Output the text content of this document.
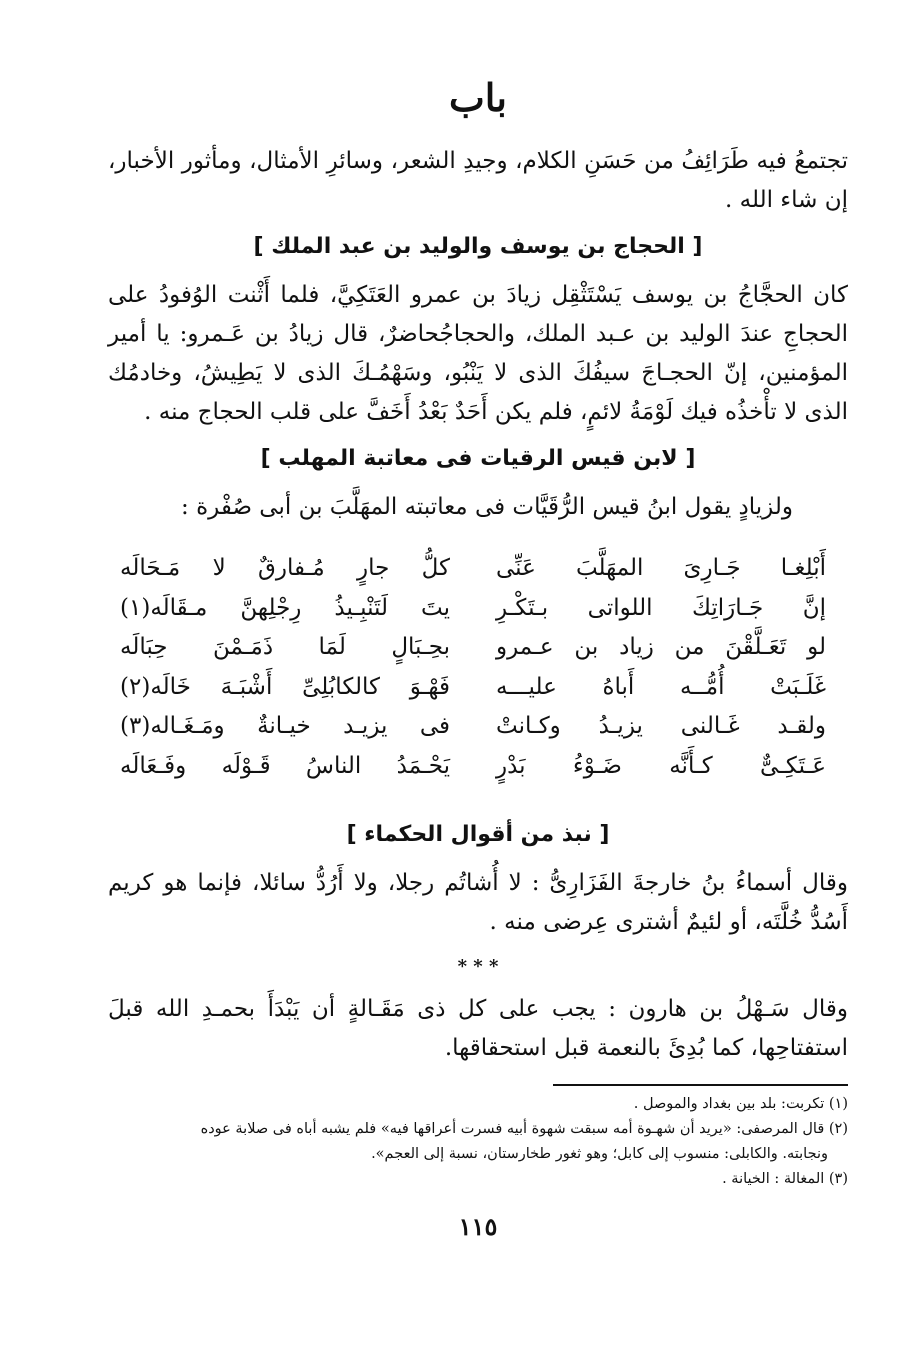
باب

تجتمعُ فيه طَرَائِفُ من حَسَنِ الكلام، وجيدِ الشعر، وسائرِ الأمثال، ومأثور الأخبار، إن شاء الله .

[ الحجاج بن يوسف والوليد بن عبد الملك ]

كان الحجَّاجُ بن يوسف يَسْتَثْقِل زيادَ بن عمرو العَتَكِيَّ، فلما أَثْنت الوُفودُ على الحجاجِ عندَ الوليد بن عـبد الملك، والحجاجُحاضرٌ، قال زيادُ بن عَـمرو: يا أمير المؤمنين، إنّ الحجـاجَ سيفُكَ الذى لا يَنْبُو، وسَهْمُـكَ الذى لا يَطِيشُ، وخادمُك الذى لا تأْخذُه فيك لَوْمَةُ لائمٍ، فلم يكن أَحَدٌ بَعْدُ أَخَفَّ على قلب الحجاج منه .

[ لابن قيس الرقيات فى معاتبة المهلب ]

ولزيادٍ يقول ابنُ قيس الرُّقَيَّات فى معاتبته المهَلَّبَ بن أبى صُفْرة :

أَبْلِغـا جَـارِىَ المهَلَّبَ عَنِّى
كلُّ جارٍ مُـفارقٌ لا مَـحَالَه
إنَّ جَـارَاتِكَ اللواتى بـتَكْـرِ
يتَ لَتَنْبِـيذُ رِجْلِهنَّ مـقَالَه(١)
لو تَعَـلَّقْنَ من زياد بن عـمرو
بحِـبَالٍ لَمَا ذَمَـمْنَ حِبَالَه
غَلَـبَتْ أُمُّــه أَباهُ عليـــه
فَهْـوَ كالكابُلِىِّ أَشْبَـهَ خَالَه(٢)
ولقـد غَـالنى يزيـدُ وكـانتْ
فى يزيـد خيـانةٌ ومَـغَـاله(٣)
عَـتَكِـىٌّ كـأَنَّه ضَـوْءُ بَدْرٍ
يَحْـمَدُ الناسُ قَـوْلَه وفَـعَالَه
[ نبذ من أقوال الحكماء ]

وقال أسماءُ بنُ خارجةَ الفَزَارِىُّ : لا أُشاتُم رجلا، ولا أَرُدُّ سائلا، فإنما هو كريم أَسُدُّ خُلَّتَه، أو لئيمٌ أشترى عِرضى منه .

* * *

وقال سَـهْلُ بن هارون : يجب على كل ذى مَقَـالةٍ أن يَبْدَأَ بحمـدِ الله قبلَ استفتاحِها، كما بُدِئَ بالنعمة قبل استحقاقها.

(١) تكربت: بلد بين بغداد والموصل .

(٢) قال المرصفى: «يريد أن شهـوة أمه سبقت شهوة أبيه فسرت أعراقها فيه» فلم يشبه أباه فى صلابة عوده

ونجابته. والكابلى: منسوب إلى كابل؛ وهو ثغور طخارستان، نسبة إلى العجم».

(٣) المغالة : الخيانة .

١١٥
